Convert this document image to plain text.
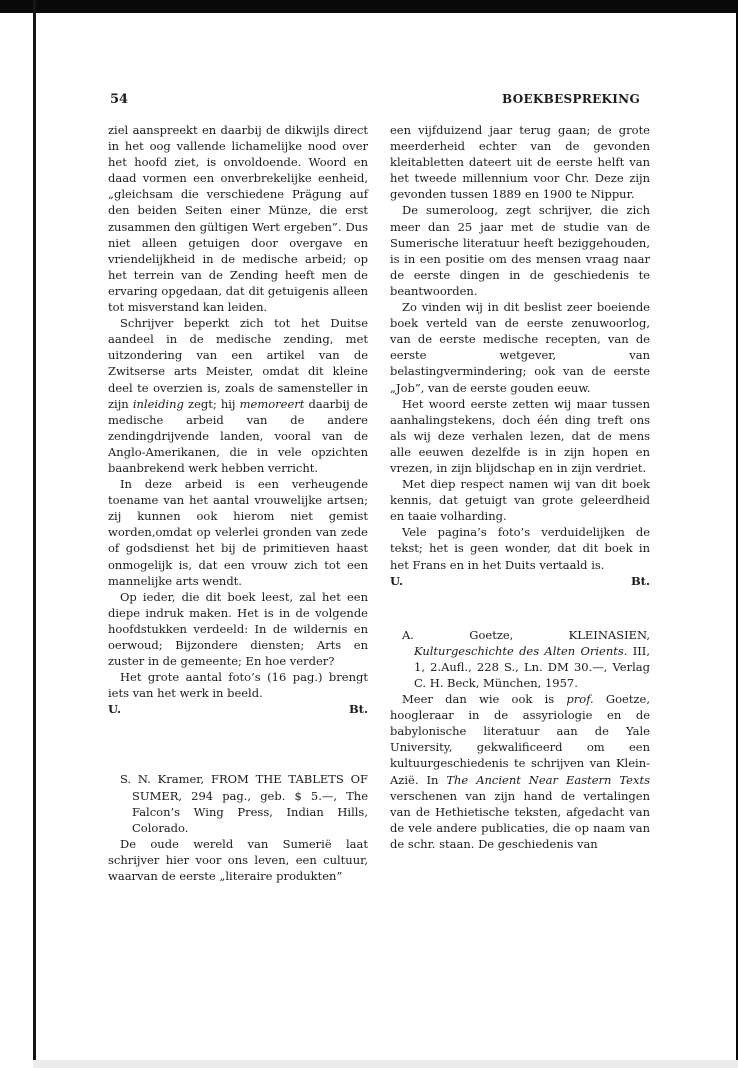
54	BOEKBESPREKING

ziel aanspreekt en daarbij de dikwijls direct in het oog vallende lichamelijke nood over het hoofd ziet, is onvoldoende. Woord en daad vormen een onverbrekelijke eenheid, „gleichsam die verschiedene Prägung auf den beiden Seiten einer Münze, die erst zusammen den gültigen Wert ergeben”. Dus niet alleen getuigen door overgave en vriendelijkheid in de medische arbeid; op het terrein van de Zending heeft men de ervaring opgedaan, dat dit getuigenis alleen tot misverstand kan leiden.

Schrijver beperkt zich tot het Duitse aandeel in de medische zending, met uitzondering van een artikel van de Zwitserse arts Meister, omdat dit kleine deel te overzien is, zoals de samensteller in zijn inleiding zegt; hij memoreert daarbij de medische arbeid van de andere zendingdrijvende landen, vooral van de Anglo-Amerikanen, die in vele opzichten baanbrekend werk hebben verricht.

In deze arbeid is een verheugende toename van het aantal vrouwelijke artsen; zij kunnen ook hierom niet gemist worden,omdat op velerlei gronden van zede of godsdienst het bij de primitieven haast onmogelijk is, dat een vrouw zich tot een mannelijke arts wendt.

Op ieder, die dit boek leest, zal het een diepe indruk maken. Het is in de volgende hoofdstukken verdeeld: In de wildernis en oerwoud; Bijzondere diensten; Arts en zuster in de gemeente; En hoe verder?

Het grote aantal foto’s (16 pag.) brengt iets van het werk in beeld.

U.	Bt.

S. N. Kramer, FROM THE TABLETS OF SUMER, 294 pag., geb. $ 5.—, The Falcon’s Wing Press, Indian Hills, Colorado.

De oude wereld van Sumerië laat schrijver hier voor ons leven, een cultuur, waarvan de eerste „literaire produkten”

een vijfduizend jaar terug gaan; de grote meerderheid echter van de gevonden kleitabletten dateert uit de eerste helft van het tweede millennium voor Chr. Deze zijn gevonden tussen 1889 en 1900 te Nippur.

De sumeroloog, zegt schrijver, die zich meer dan 25 jaar met de studie van de Sumerische literatuur heeft beziggehouden, is in een positie om des mensen vraag naar de eerste dingen in de geschiedenis te beantwoorden.

Zo vinden wij in dit beslist zeer boeiende boek verteld van de eerste zenuwoorlog, van de eerste medische recepten, van de eerste wetgever, van belastingvermindering; ook van de eerste „Job”, van de eerste gouden eeuw.

Het woord eerste zetten wij maar tussen aanhalingstekens, doch één ding treft ons als wij deze verhalen lezen, dat de mens alle eeuwen dezelfde is in zijn hopen en vrezen, in zijn blijdschap en in zijn verdriet.

Met diep respect namen wij van dit boek kennis, dat getuigt van grote geleerdheid en taaie volharding.

Vele pagina’s foto’s verduidelijken de tekst; het is geen wonder, dat dit boek in het Frans en in het Duits vertaald is.

U.	Bt.

A. Goetze, KLEINASIEN, Kulturgeschichte des Alten Orients. III, 1, 2.Aufl., 228 S., Ln. DM 30.—, Verlag C. H. Beck, München, 1957.

Meer dan wie ook is prof. Goetze, hoogleraar in de assyriologie en de babylonische literatuur aan de Yale University, gekwalificeerd om een kultuurgeschiedenis te schrijven van Klein-Azië. In The Ancient Near Eastern Texts verschenen van zijn hand de vertalingen van de Hethietische teksten, afgedacht van de vele andere publicaties, die op naam van de schr. staan. De geschiedenis van
